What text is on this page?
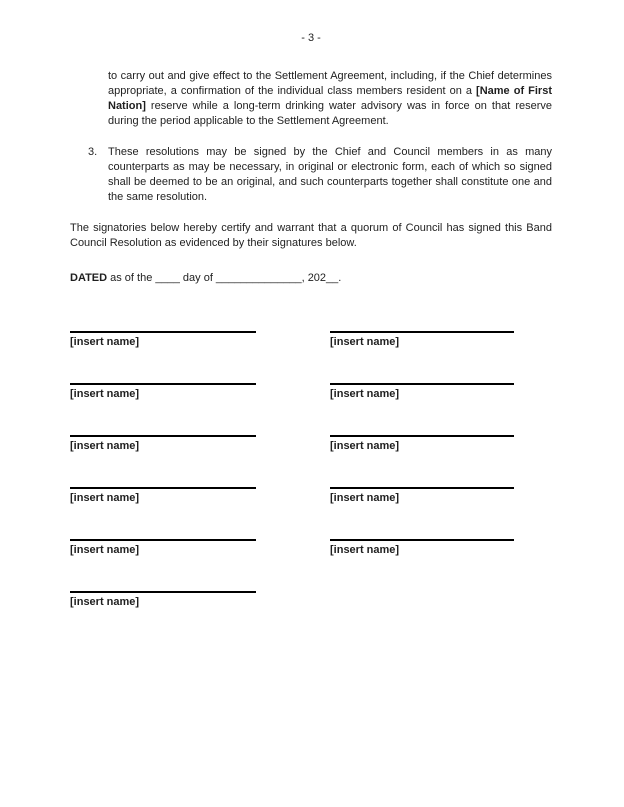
- 3 -

to carry out and give effect to the Settlement Agreement, including, if the Chief determines appropriate, a confirmation of the individual class members resident on a [Name of First Nation] reserve while a long-term drinking water advisory was in force on that reserve during the period applicable to the Settlement Agreement.

3. These resolutions may be signed by the Chief and Council members in as many counterparts as may be necessary, in original or electronic form, each of which so signed shall be deemed to be an original, and such counterparts together shall constitute one and the same resolution.

The signatories below hereby certify and warrant that a quorum of Council has signed this Band Council Resolution as evidenced by their signatures below.

DATED as of the ____ day of ______________, 202__.

[insert name]	[insert name]
[insert name]	[insert name]
[insert name]	[insert name]
[insert name]	[insert name]
[insert name]	[insert name]
[insert name]
